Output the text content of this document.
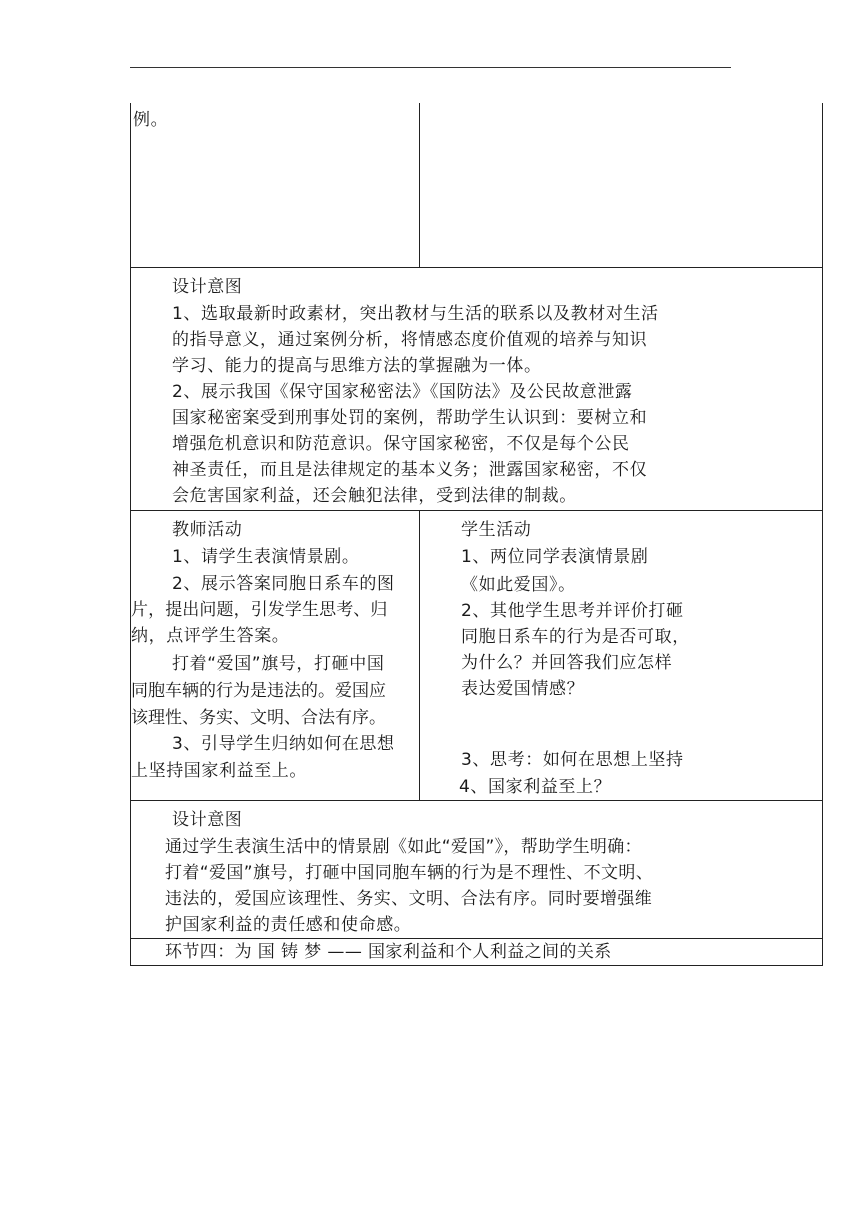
例。
设计意图
1、选取最新时政素材，突出教材与生活的联系以及教材对生活
的指导意义，通过案例分析，将情感态度价值观的培养与知识
学习、能力的提高与思维方法的掌握融为一体。
2、展示我国《保守国家秘密法》《国防法》及公民故意泄露
国家秘密案受到刑事处罚的案例，帮助学生认识到：要树立和
增强危机意识和防范意识。保守国家秘密，不仅是每个公民
神圣责任，而且是法律规定的基本义务；泄露国家秘密，不仅
会危害国家利益，还会触犯法律，受到法律的制裁。
教师活动
1、请学生表演情景剧。
2、展示答案同胞日系车的图
片，提出问题，引发学生思考、归
纳，点评学生答案。
打着“爱国”旗号，打砸中国
同胞车辆的行为是违法的。爱国应
该理性、务实、文明、合法有序。
3、引导学生归纳如何在思想
上坚持国家利益至上。
学生活动
1、两位同学表演情景剧
《如此爱国》。
2、其他学生思考并评价打砸
同胞日系车的行为是否可取，
为什么？并回答我们应怎样
表达爱国情感？
3、思考：如何在思想上坚持
4、国家利益至上？
设计意图
通过学生表演生活中的情景剧《如此“爱国”》，帮助学生明确：
打着“爱国”旗号，打砸中国同胞车辆的行为是不理性、不文明、
违法的，爱国应该理性、务实、文明、合法有序。同时要增强维
护国家利益的责任感和使命感。
环节四：为 国 铸 梦 —— 国家利益和个人利益之间的关系
